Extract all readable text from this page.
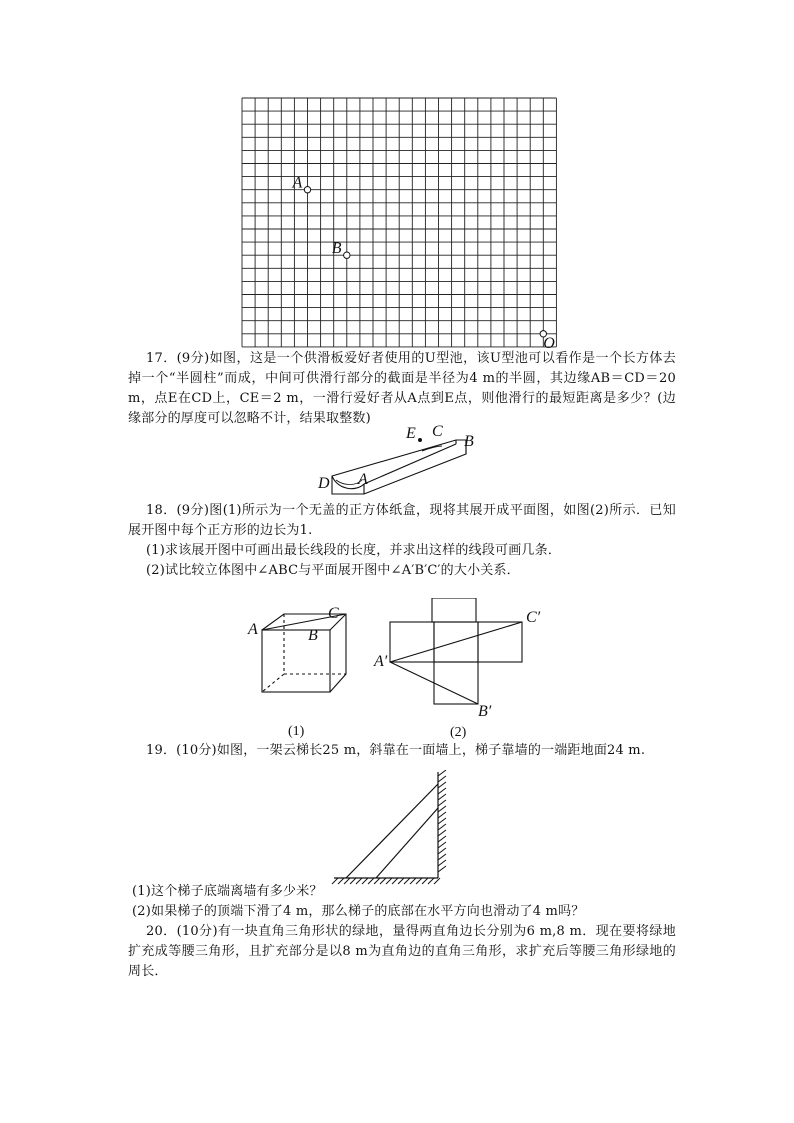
A
B
O

17．(9分)如图，这是一个供滑板爱好者使用的U型池，该U型池可以看作是一个长方体去掉一个“半圆柱”而成，中间可供滑行部分的截面是半径为4 m的半圆，其边缘AB＝CD＝20 m，点E在CD上，CE＝2 m，一滑行爱好者从A点到E点，则他滑行的最短距离是多少？(边缘部分的厚度可以忽略不计，结果取整数)

E C
B
D A

18．(9分)图(1)所示为一个无盖的正方体纸盒，现将其展开成平面图，如图(2)所示．已知展开图中每个正方形的边长为1.

(1)求该展开图中可画出最长线段的长度，并求出这样的线段可画几条．

(2)试比较立体图中∠ABC与平面展开图中∠A′B′C′的大小关系．

A	B
C
(1)
A′
B′
C′
(2)

19．(10分)如图，一架云梯长25 m，斜靠在一面墙上，梯子靠墙的一端距地面24 m.

(1)这个梯子底端离墙有多少米？

(2)如果梯子的顶端下滑了4 m，那么梯子的底部在水平方向也滑动了4 m吗？

20．(10分)有一块直角三角形状的绿地，量得两直角边长分别为6 m,8 m．现在要将绿地扩充成等腰三角形，且扩充部分是以8 m为直角边的直角三角形，求扩充后等腰三角形绿地的周长．
